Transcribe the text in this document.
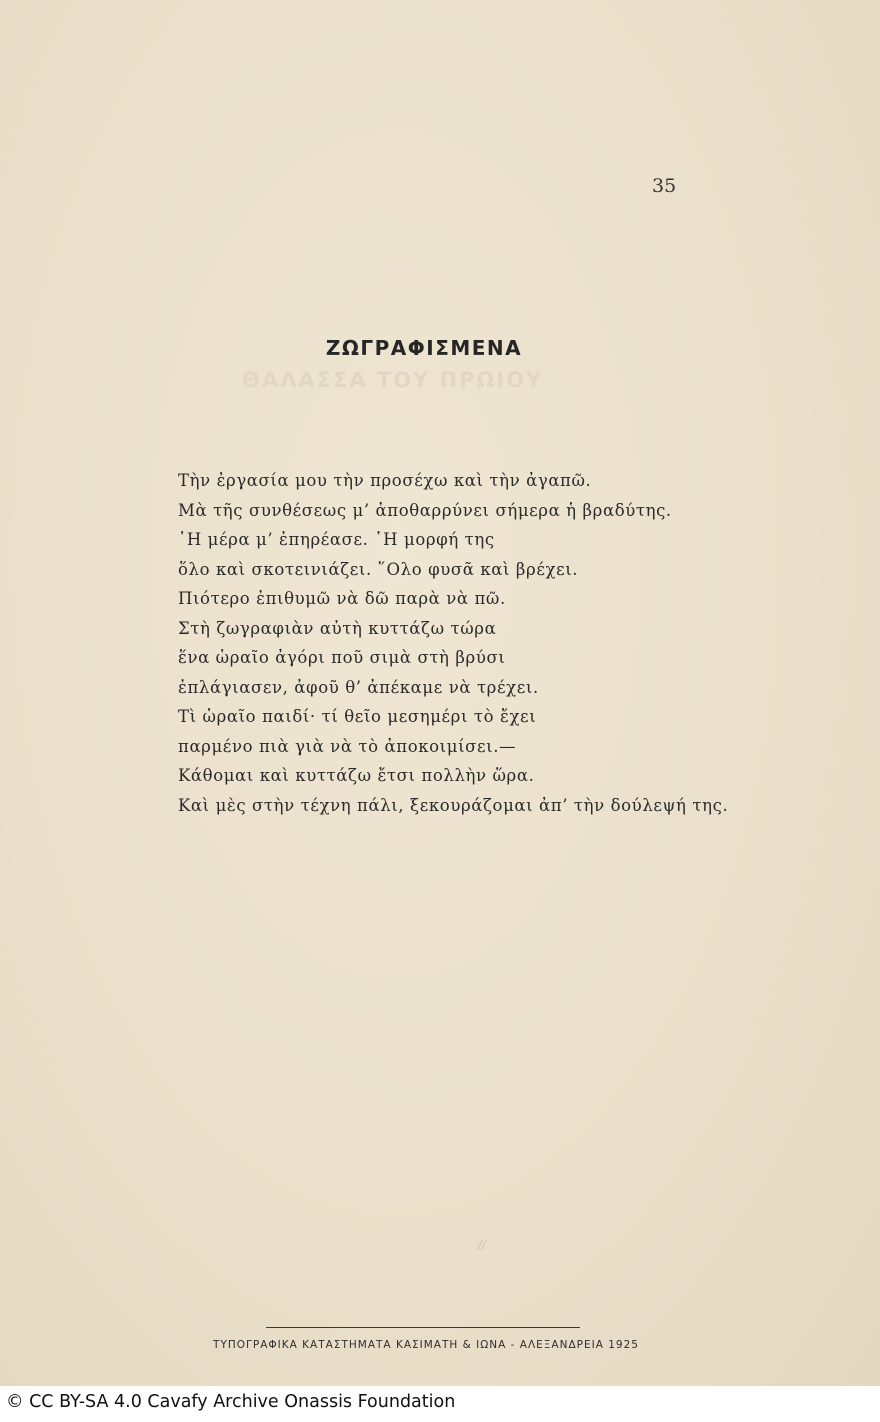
ΘΑΛΑΣΣΑ ΤΟΥ ΠΡΩΙΟΥ
35
ΖΩΓΡΑΦΙΣΜΕΝΑ
Τὴν ἐργασία μου τὴν προσέχω καὶ τὴν ἀγαπῶ.
Μὰ τῆς συνθέσεως μ’ ἀποθαρρύνει σήμερα ἡ βραδύτης.
῾Η μέρα μ’ ἐπηρέασε. ῾Η μορφή της
ὅλο καὶ σκοτεινιάζει. ῞Ολο φυσᾶ καὶ βρέχει.
Πιότερο ἐπιθυμῶ νὰ δῶ παρὰ νὰ πῶ.
Στὴ ζωγραφιὰν αὐτὴ κυττάζω τώρα
ἕνα ὡραῖο ἀγόρι ποῦ σιμὰ στὴ βρύσι
ἐπλάγιασεν, ἀφοῦ θ’ ἀπέκαμε νὰ τρέχει.
Τὶ ὡραῖο παιδί· τί θεῖο μεσημέρι τὸ ἔχει
παρμένο πιὰ γιὰ νὰ τὸ ἀποκοιμίσει.—
Κάθομαι καὶ κυττάζω ἔτσι πολλὴν ὥρα.
Καὶ μὲς στὴν τέχνη πάλι, ξεκουράζομαι ἀπ’ τὴν δούλεψή της.
//
ΤΥΠΟΓΡΑΦΙΚΑ ΚΑΤΑΣΤΗΜΑΤΑ ΚΑΣΙΜΑΤΗ & ΙΩΝΑ - ΑΛΕΞΑΝΔΡΕΙΑ 1925
© CC BY-SA 4.0 Cavafy Archive Onassis Foundation
